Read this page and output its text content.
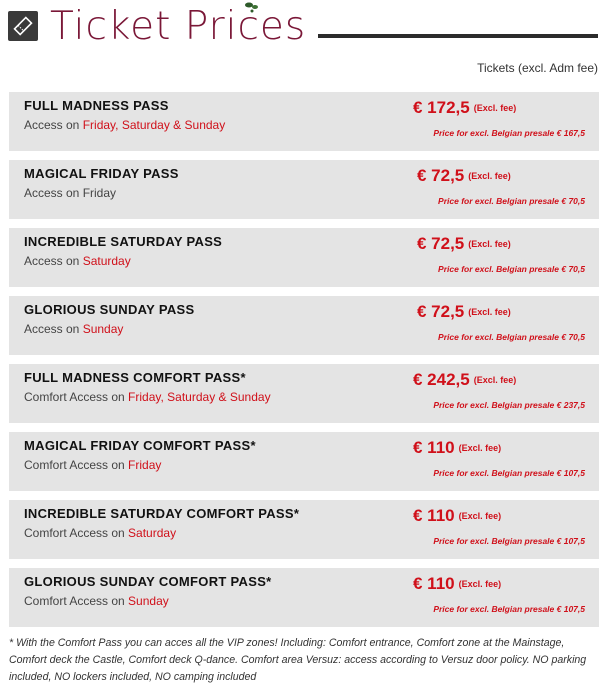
Ticket Prices
Tickets (excl. Adm fee)
FULL MADNESS PASS
Access on Friday, Saturday & Sunday
€ 172,5 (Excl. fee)
Price for excl. Belgian presale € 167,5
MAGICAL FRIDAY PASS
Access on Friday
€ 72,5 (Excl. fee)
Price for excl. Belgian presale € 70,5
INCREDIBLE SATURDAY PASS
Access on Saturday
€ 72,5 (Excl. fee)
Price for excl. Belgian presale € 70,5
GLORIOUS SUNDAY PASS
Access on Sunday
€ 72,5 (Excl. fee)
Price for excl. Belgian presale € 70,5
FULL MADNESS COMFORT PASS*
Comfort Access on Friday, Saturday & Sunday
€ 242,5 (Excl. fee)
Price for excl. Belgian presale € 237,5
MAGICAL FRIDAY COMFORT PASS*
Comfort Access on Friday
€ 110 (Excl. fee)
Price for excl. Belgian presale € 107,5
INCREDIBLE SATURDAY COMFORT PASS*
Comfort Access on Saturday
€ 110 (Excl. fee)
Price for excl. Belgian presale € 107,5
GLORIOUS SUNDAY COMFORT PASS*
Comfort Access on Sunday
€ 110 (Excl. fee)
Price for excl. Belgian presale € 107,5

* With the Comfort Pass you can acces all the VIP zones! Including: Comfort entrance, Comfort zone at the Mainstage, Comfort deck the Castle, Comfort deck Q-dance. Comfort area Versuz: access according to Versuz door policy. NO parking included, NO lockers included, NO camping included
